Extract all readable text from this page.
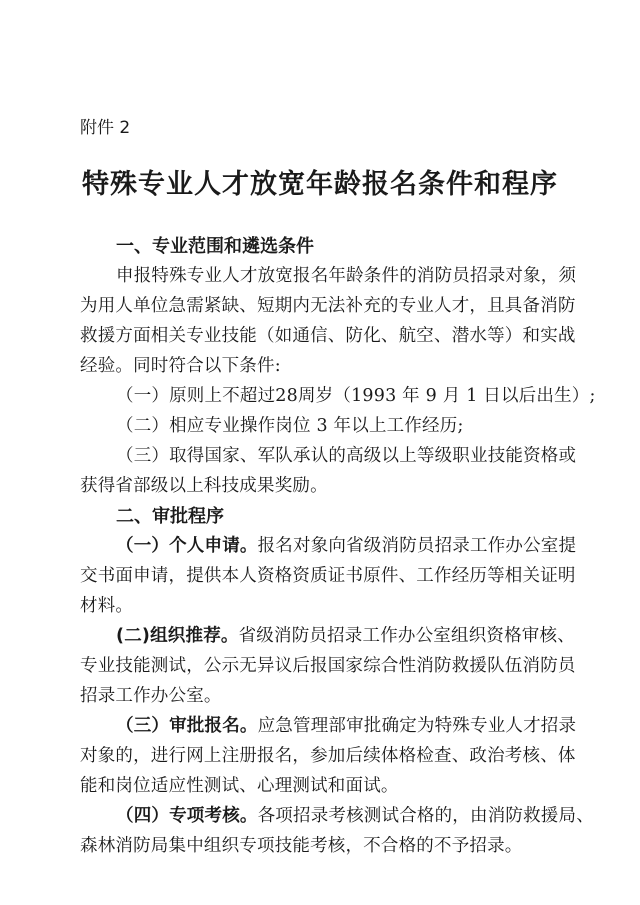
附件 2
特殊专业人才放宽年龄报名条件和程序
一、专业范围和遴选条件
申报特殊专业人才放宽报名年龄条件的消防员招录对象，须
为用人单位急需紧缺、短期内无法补充的专业人才，且具备消防
救援方面相关专业技能（如通信、防化、航空、潜水等）和实战
经验。同时符合以下条件:
（一）原则上不超过28周岁（1993 年 9 月 1 日以后出生）;
（二）相应专业操作岗位 3 年以上工作经历;
（三）取得国家、军队承认的高级以上等级职业技能资格或
获得省部级以上科技成果奖励。
二、审批程序
（一）个人申请。报名对象向省级消防员招录工作办公室提
交书面申请，提供本人资格资质证书原件、工作经历等相关证明
材料。
(二)组织推荐。省级消防员招录工作办公室组织资格审核、
专业技能测试，公示无异议后报国家综合性消防救援队伍消防员
招录工作办公室。
（三）审批报名。应急管理部审批确定为特殊专业人才招录
对象的，进行网上注册报名，参加后续体格检查、政治考核、体
能和岗位适应性测试、心理测试和面试。
（四）专项考核。各项招录考核测试合格的，由消防救援局、
森林消防局集中组织专项技能考核，不合格的不予招录。
